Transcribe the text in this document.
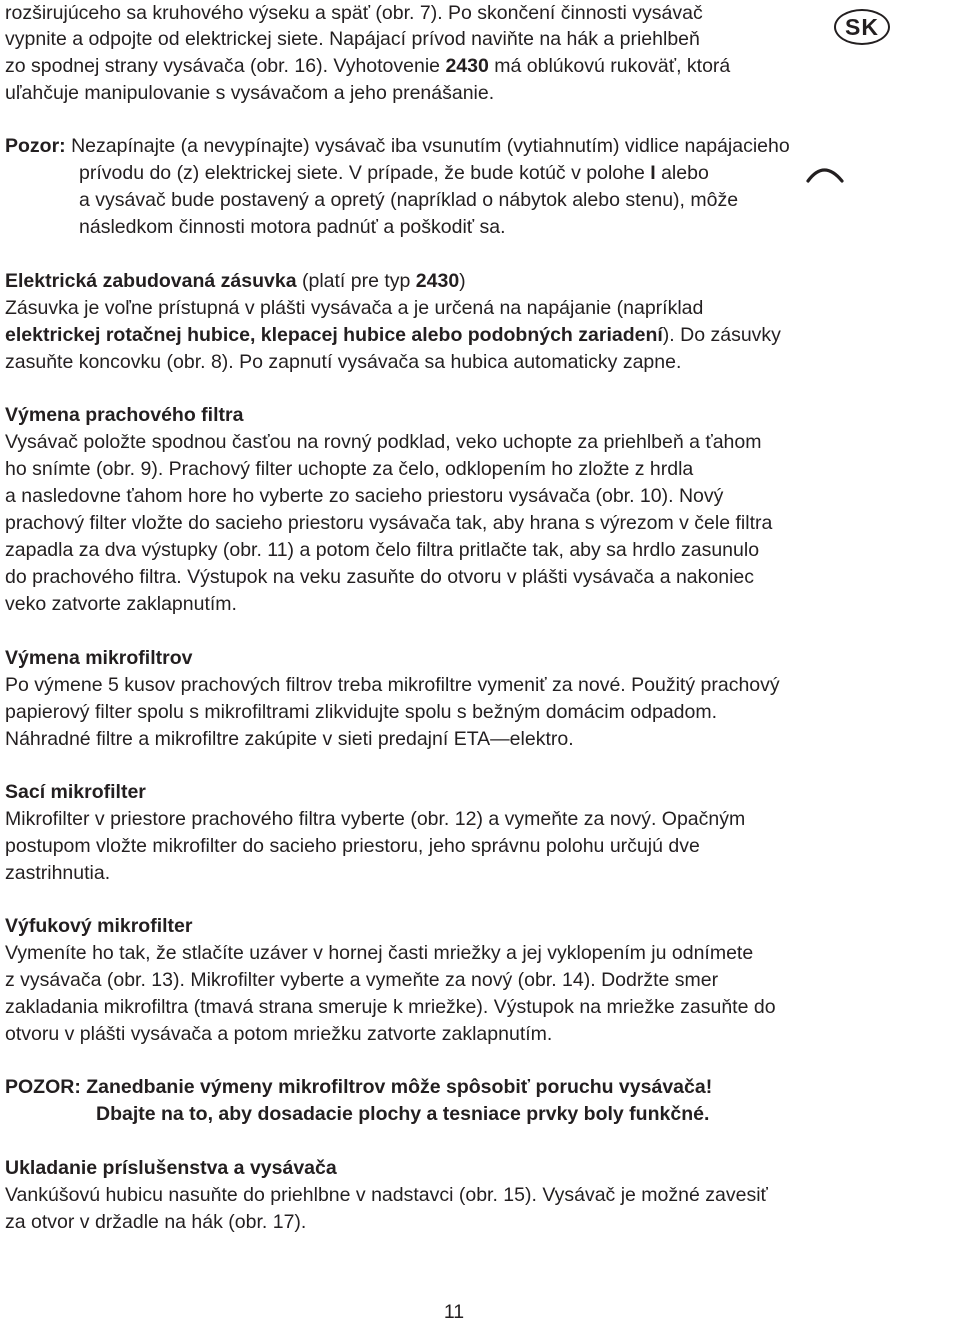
SK
rozširujúceho sa kruhového výseku a späť (obr. 7). Po skončení činnosti vysávač
vypnite a odpojte od elektrickej siete. Napájací prívod naviňte na hák a priehlbeň
zo spodnej strany vysávača (obr. 16). Vyhotovenie 2430 má oblúkovú rukoväť, ktorá
uľahčuje manipulovanie s vysávačom a jeho prenášanie.
Pozor: Nezapínajte (a nevypínajte) vysávač iba vsunutím (vytiahnutím) vidlice napájacieho
prívodu do (z) elektrickej siete. V prípade, že bude kotúč v polohe I alebo
a vysávač bude postavený a opretý (napríklad o nábytok alebo stenu), môže
následkom činnosti motora padnúť a poškodiť sa.
Elektrická zabudovaná zásuvka (platí pre typ 2430)
Zásuvka je voľne prístupná v plášti vysávača a je určená na napájanie (napríklad
elektrickej rotačnej hubice, klepacej hubice alebo podobných zariadení). Do zásuvky
zasuňte koncovku (obr. 8). Po zapnutí vysávača sa hubica automaticky zapne.
Výmena prachového filtra
Vysávač položte spodnou časťou na rovný podklad, veko uchopte za priehlbeň a ťahom
ho snímte (obr. 9). Prachový filter uchopte za čelo, odklopením ho zložte z hrdla
a nasledovne ťahom hore ho vyberte zo sacieho priestoru vysávača (obr. 10). Nový
prachový filter vložte do sacieho priestoru vysávača tak, aby hrana s výrezom v čele filtra
zapadla za dva výstupky (obr. 11) a potom čelo filtra pritlačte tak, aby sa hrdlo zasunulo
do prachového filtra. Výstupok na veku zasuňte do otvoru v plášti vysávača a nakoniec
veko zatvorte zaklapnutím.
Výmena mikrofiltrov
Po výmene 5 kusov prachových filtrov treba mikrofiltre vymeniť za nové. Použitý prachový
papierový filter spolu s mikrofiltrami zlikvidujte spolu s bežným domácim odpadom.
Náhradné filtre a mikrofiltre zakúpite v sieti predajní ETA—elektro.
Sací mikrofilter
Mikrofilter v priestore prachového filtra vyberte (obr. 12) a vymeňte za nový. Opačným
postupom vložte mikrofilter do sacieho priestoru, jeho správnu polohu určujú dve
zastrihnutia.
Výfukový mikrofilter
Vymeníte ho tak, že stlačíte uzáver v hornej časti mriežky a jej vyklopením ju odnímete
z vysávača (obr. 13). Mikrofilter vyberte a vymeňte za nový (obr. 14). Dodržte smer
zakladania mikrofiltra (tmavá strana smeruje k mriežke). Výstupok na mriežke zasuňte do
otvoru v plášti vysávača a potom mriežku zatvorte zaklapnutím.
POZOR: Zanedbanie výmeny mikrofiltrov môže spôsobiť poruchu vysávača!
Dbajte na to, aby dosadacie plochy a tesniace prvky boly funkčné.
Ukladanie príslušenstva a vysávača
Vankúšovú hubicu nasuňte do priehlbne v nadstavci (obr. 15). Vysávač je možné zavesiť
za otvor v držadle na hák (obr. 17).
11
